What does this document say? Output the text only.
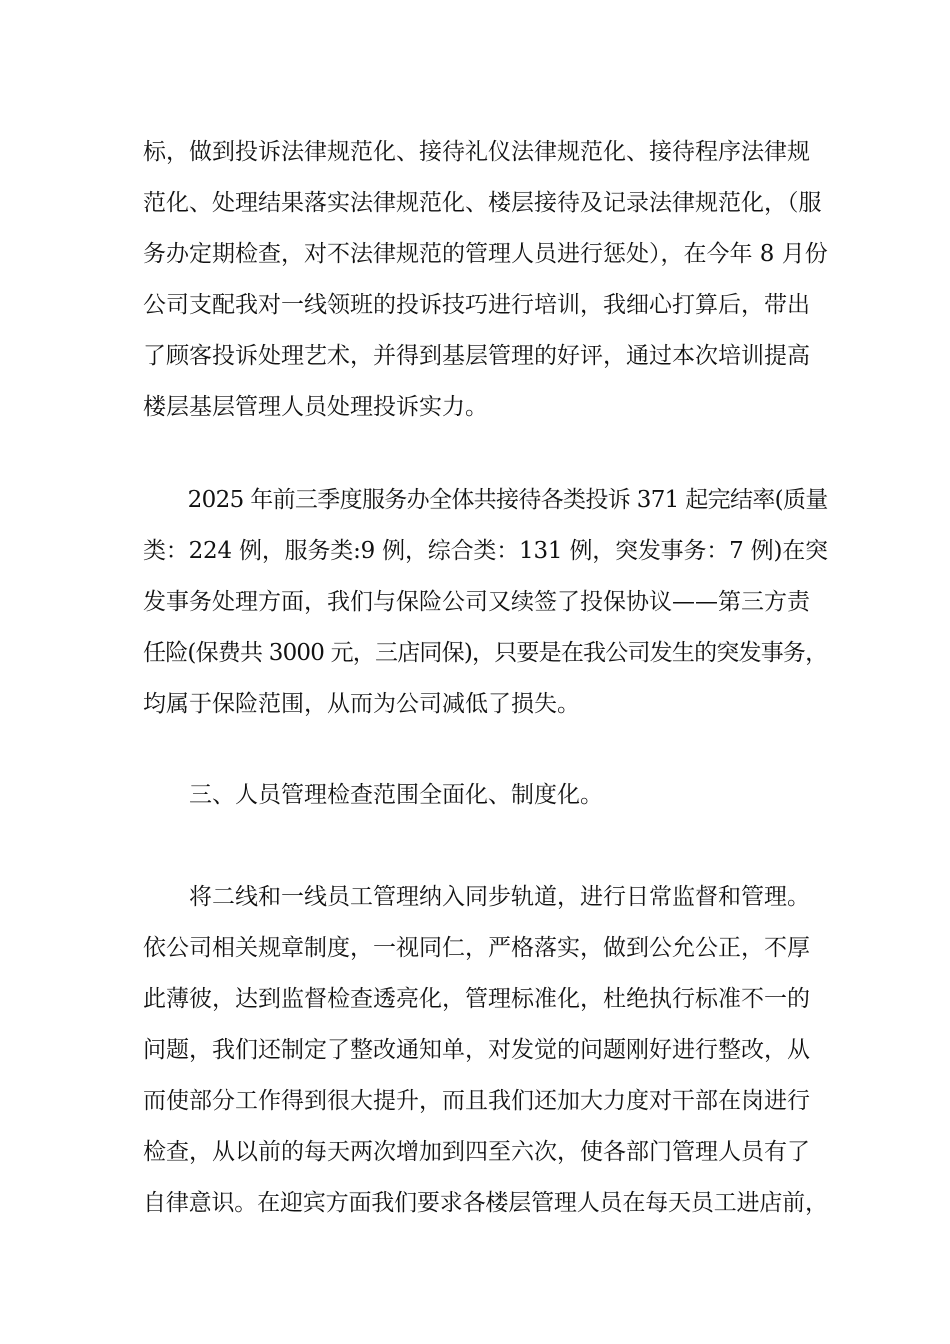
标，做到投诉法律规范化、接待礼仪法律规范化、接待程序法律规
范化、处理结果落实法律规范化、楼层接待及记录法律规范化，（服
务办定期检查，对不法律规范的管理人员进行惩处），在今年 8 月份
公司支配我对一线领班的投诉技巧进行培训，我细心打算后，带出
了顾客投诉处理艺术，并得到基层管理的好评，通过本次培训提高
楼层基层管理人员处理投诉实力。
　　2025 年前三季度服务办全体共接待各类投诉 371 起完结率(质量
类：224 例，服务类:9 例，综合类：131 例，突发事务：7 例)在突
发事务处理方面，我们与保险公司又续签了投保协议——第三方责
任险(保费共 3000 元，三店同保)，只要是在我公司发生的突发事务，
均属于保险范围，从而为公司减低了损失。
　　三、人员管理检查范围全面化、制度化。
　　将二线和一线员工管理纳入同步轨道，进行日常监督和管理。
依公司相关规章制度，一视同仁，严格落实，做到公允公正，不厚
此薄彼，达到监督检查透亮化，管理标准化，杜绝执行标准不一的
问题，我们还制定了整改通知单，对发觉的问题刚好进行整改，从
而使部分工作得到很大提升，而且我们还加大力度对干部在岗进行
检查，从以前的每天两次增加到四至六次，使各部门管理人员有了
自律意识。在迎宾方面我们要求各楼层管理人员在每天员工进店前，
